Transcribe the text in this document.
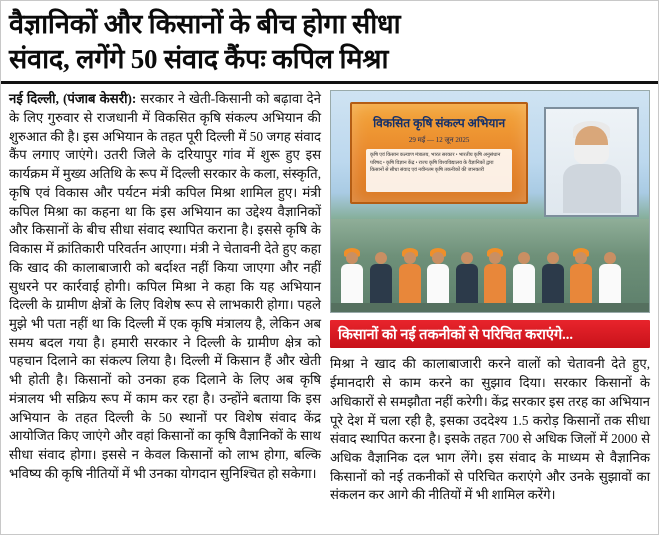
वैज्ञानिकों और किसानों के बीच होगा सीधा
संवाद, लगेंगे 50 संवाद कैंपः कपिल मिश्रा

नई दिल्ली, (पंजाब केसरी): सरकार ने खेती-किसानी को बढ़ावा देने के लिए गुरुवार से राजधानी में विकसित कृषि संकल्प अभियान की शुरुआत की है। इस अभियान के तहत पूरी दिल्ली में 50 जगह संवाद कैंप लगाए जाएंगे। उतरी जिले के दरियापुर गांव में शुरू हुए इस कार्यक्रम में मुख्य अतिथि के रूप में दिल्ली सरकार के कला, संस्कृति, कृषि एवं विकास और पर्यटन मंत्री कपिल मिश्रा शामिल हुए। मंत्री कपिल मिश्रा का कहना था कि इस अभियान का उद्देश्य वैज्ञानिकों और किसानों के बीच सीधा संवाद स्थापित कराना है। इससे कृषि के विकास में क्रांतिकारी परिवर्तन आएगा। मंत्री ने चेतावनी देते हुए कहा कि खाद की कालाबाजारी को बर्दाश्त नहीं किया जाएगा और नहीं सुधरने पर कार्रवाई होगी। कपिल मिश्रा ने कहा कि यह अभियान दिल्ली के ग्रामीण क्षेत्रों के लिए विशेष रूप से लाभकारी होगा। पहले मुझे भी पता नहीं था कि दिल्ली में एक कृषि मंत्रालय है, लेकिन अब समय बदल गया है। हमारी सरकार ने दिल्ली के ग्रामीण क्षेत्र को पहचान दिलाने का संकल्प लिया है। दिल्ली में किसान हैं और खेती भी होती है। किसानों को उनका हक दिलाने के लिए अब कृषि मंत्रालय भी सक्रिय रूप में काम कर रहा है। उन्होंने बताया कि इस अभियान के तहत दिल्ली के 50 स्थानों पर विशेष संवाद केंद्र आयोजित किए जाएंगे और वहां किसानों का कृषि वैज्ञानिकों के साथ सीधा संवाद होगा। इससे न केवल किसानों को लाभ होगा, बल्कि भविष्य की कृषि नीतियों में भी उनका योगदान सुनिश्चित हो सकेगा।

विकसित कृषि संकल्प अभियान
29 मई — 12 जून 2025
कृषि एवं किसान कल्याण मंत्रालय, भारत सरकार • भारतीय कृषि अनुसंधान परिषद • कृषि विज्ञान केंद्र • राज्य कृषि विश्वविद्यालय के वैज्ञानिकों द्वारा किसानों से सीधा संवाद एवं नवीनतम कृषि तकनीकों की जानकारी
किसानों को नई तकनीकों से परिचित कराएंगे...
मिश्रा ने खाद की कालाबाजारी करने वालों को चेतावनी देते हुए, ईमानदारी से काम करने का सुझाव दिया। सरकार किसानों के अधिकारों से समझौता नहीं करेगी। केंद्र सरकार इस तरह का अभियान पूरे देश में चला रही है, इसका उददेश्य 1.5 करोड़ किसानों तक सीधा संवाद स्थापित करना है। इसके तहत 700 से अधिक जिलों में 2000 से अधिक वैज्ञानिक दल भाग लेंगे। इस संवाद के माध्यम से वैज्ञानिक किसानों को नई तकनीकों से परिचित कराएंगे और उनके सुझावों का संकलन कर आगे की नीतियों में भी शामिल करेंगे।
